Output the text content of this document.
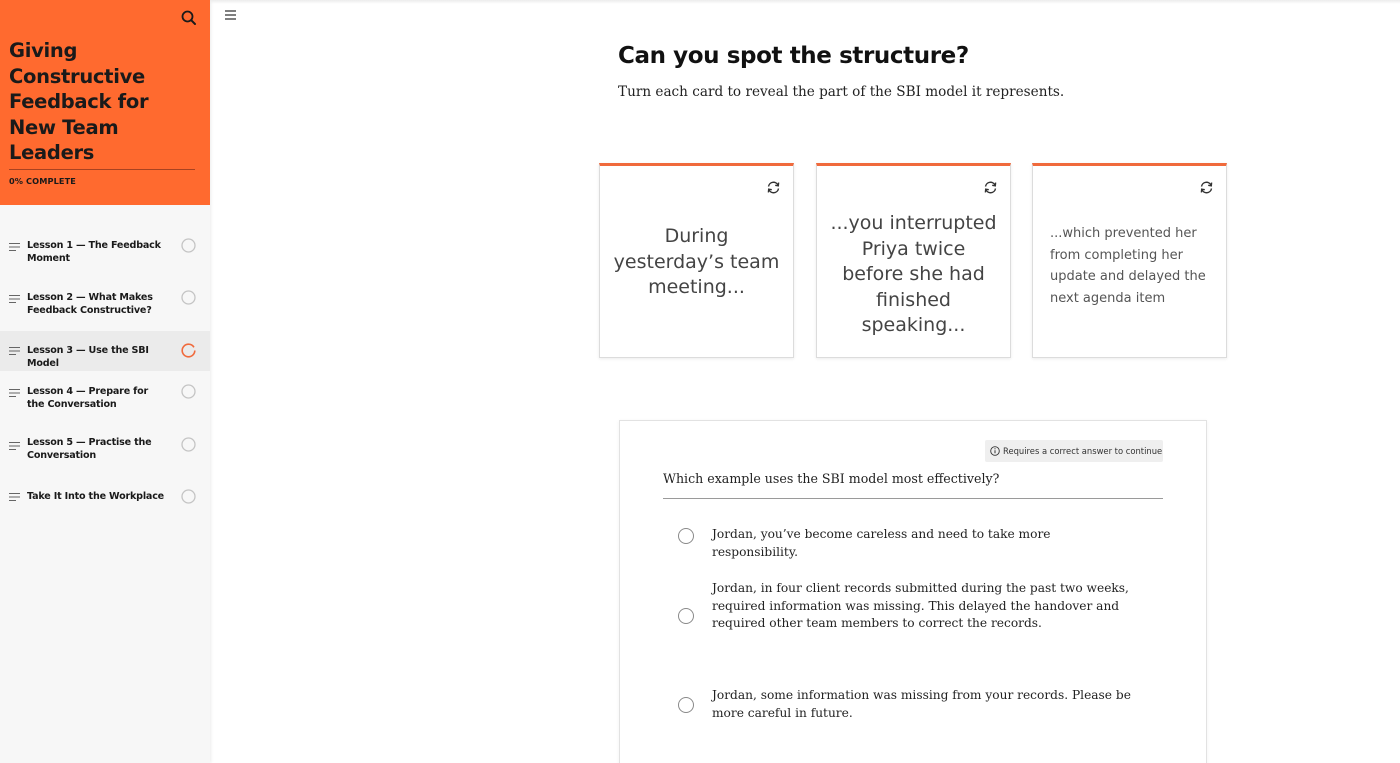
Giving Constructive Feedback for New Team Leaders
0% COMPLETE
Lesson 1 — The Feedback Moment
Lesson 2 — What Makes Feedback Constructive?
Lesson 3 — Use the SBI Model
Lesson 4 — Prepare for the Conversation
Lesson 5 — Practise the Conversation
Take It Into the Workplace
Can you spot the structure?
Turn each card to reveal the part of the SBI model it represents.
During yesterday’s team meeting...
...you interrupted Priya twice before she had finished speaking...
...which prevented her from completing her update and delayed the next agenda item
Requires a correct answer to continue
Which example uses the SBI model most effectively?
Jordan, you’ve become careless and need to take more responsibility.
Jordan, in four client records submitted during the past two weeks, required information was missing. This delayed the handover and required other team members to correct the records.
Jordan, some information was missing from your records. Please be more careful in future.
